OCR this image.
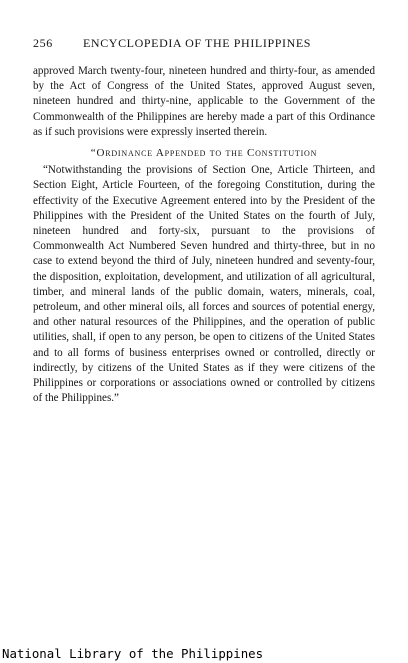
256	ENCYCLOPEDIA OF THE PHILIPPINES

approved March twenty-four, nineteen hundred and thirty-four, as amended by the Act of Congress of the United States, approved August seven, nineteen hundred and thirty-nine, applicable to the Government of the Commonwealth of the Philippines are hereby made a part of this Ordinance as if such provisions were expressly inserted therein.

“Ordinance Appended to the Constitution

“Notwithstanding the provisions of Section One, Article Thirteen, and Section Eight, Article Fourteen, of the foregoing Constitution, during the effectivity of the Executive Agreement entered into by the President of the Philippines with the President of the United States on the fourth of July, nineteen hundred and forty-six, pursuant to the provisions of Commonwealth Act Numbered Seven hundred and thirty-three, but in no case to extend beyond the third of July, nineteen hundred and seventy-four, the disposition, exploitation, development, and utilization of all agricultural, timber, and mineral lands of the public domain, waters, minerals, coal, petroleum, and other mineral oils, all forces and sources of potential energy, and other natural resources of the Philippines, and the operation of public utilities, shall, if open to any person, be open to citizens of the United States and to all forms of business enterprises owned or controlled, directly or indirectly, by citizens of the United States as if they were citizens of the Philippines or corporations or associations owned or controlled by citizens of the Philippines.”

National Library of the Philippines
